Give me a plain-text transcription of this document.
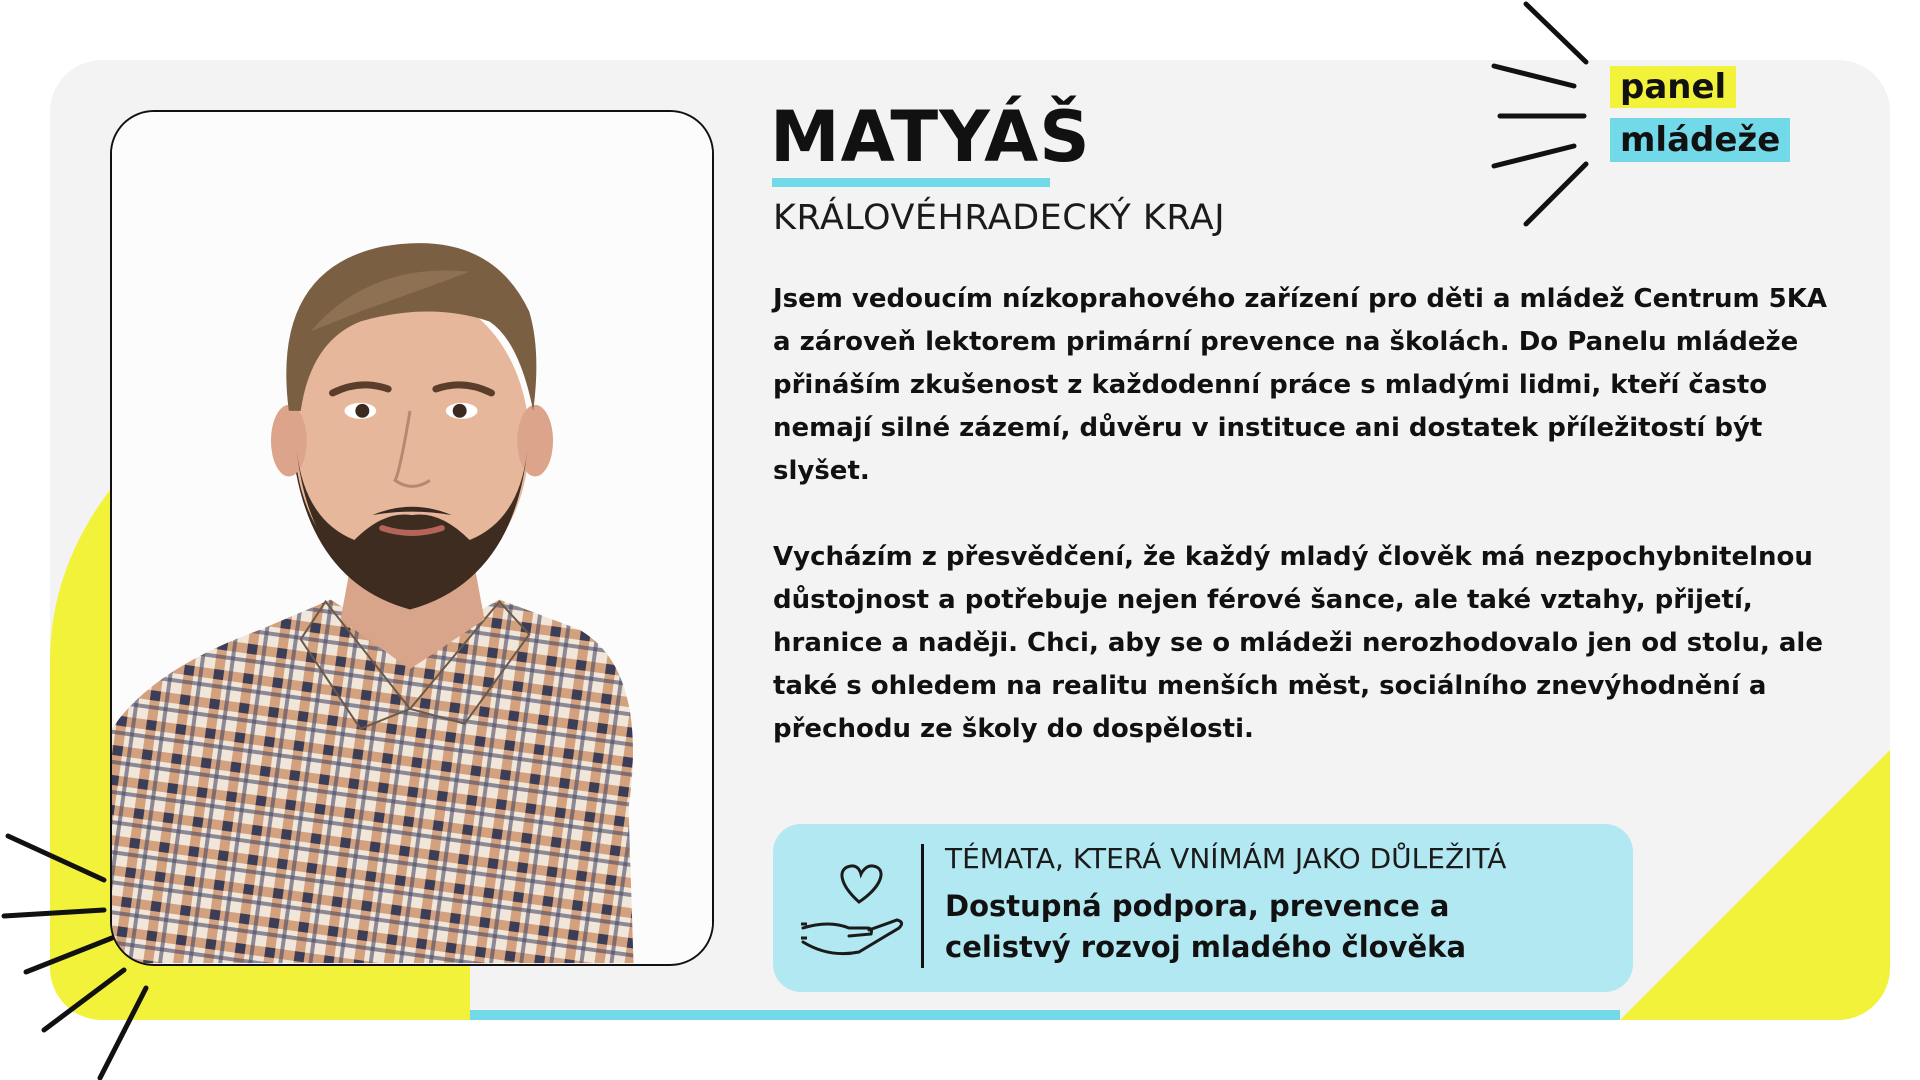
MATYÁŠ
KRÁLOVÉHRADECKÝ KRAJ

Jsem vedoucím nízkoprahového zařízení pro děti a mládež Centrum 5KA a zároveň lektorem primární prevence na školách. Do Panelu mládeže přináším zkušenost z každodenní práce s mladými lidmi, kteří často nemají silné zázemí, důvěru v instituce ani dostatek příležitostí být slyšet.

Vycházím z přesvědčení, že každý mladý člověk má nezpochybnitelnou důstojnost a potřebuje nejen férové šance, ale také vztahy, přijetí, hranice a naději. Chci, aby se o mládeži nerozhodovalo jen od stolu, ale také s ohledem na realitu menších měst, sociálního znevýhodnění a přechodu ze školy do dospělosti.

TÉMATA, KTERÁ VNÍMÁM JAKO DŮLEŽITÁ
Dostupná podpora, prevence a celistvý rozvoj mladého člověka
panel
mládeže
